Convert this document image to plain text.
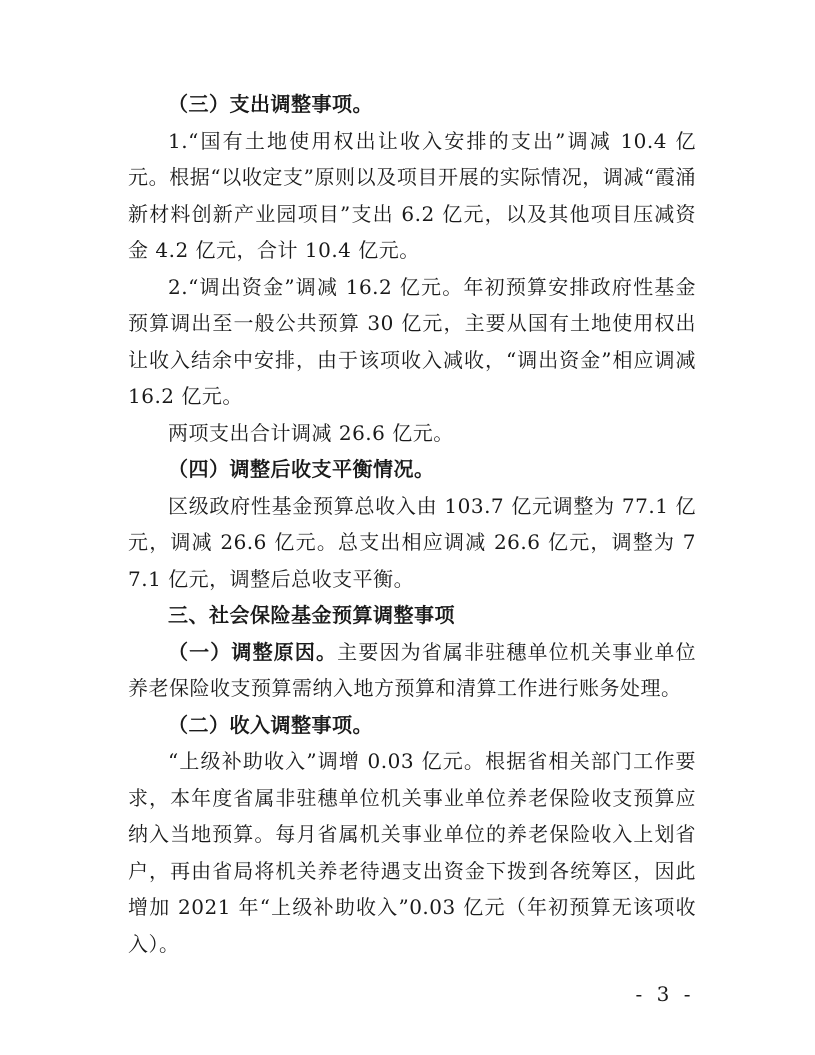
（三）支出调整事项。

1.“国有土地使用权出让收入安排的支出”调减 10.4 亿元。根据“以收定支”原则以及项目开展的实际情况，调减“霞涌新材料创新产业园项目”支出 6.2 亿元，以及其他项目压减资金 4.2 亿元，合计 10.4 亿元。

2.“调出资金”调减 16.2 亿元。年初预算安排政府性基金预算调出至一般公共预算 30 亿元，主要从国有土地使用权出让收入结余中安排，由于该项收入减收，“调出资金”相应调减 16.2 亿元。

两项支出合计调减 26.6 亿元。

（四）调整后收支平衡情况。

区级政府性基金预算总收入由 103.7 亿元调整为 77.1 亿元，调减 26.6 亿元。总支出相应调减 26.6 亿元，调整为 77.1 亿元，调整后总收支平衡。

三、社会保险基金预算调整事项

（一）调整原因。主要因为省属非驻穗单位机关事业单位养老保险收支预算需纳入地方预算和清算工作进行账务处理。

（二）收入调整事项。

“上级补助收入”调增 0.03 亿元。根据省相关部门工作要求，本年度省属非驻穗单位机关事业单位养老保险收支预算应纳入当地预算。每月省属机关事业单位的养老保险收入上划省户，再由省局将机关养老待遇支出资金下拨到各统筹区，因此增加 2021 年“上级补助收入”0.03 亿元（年初预算无该项收入）。

- 3 -
